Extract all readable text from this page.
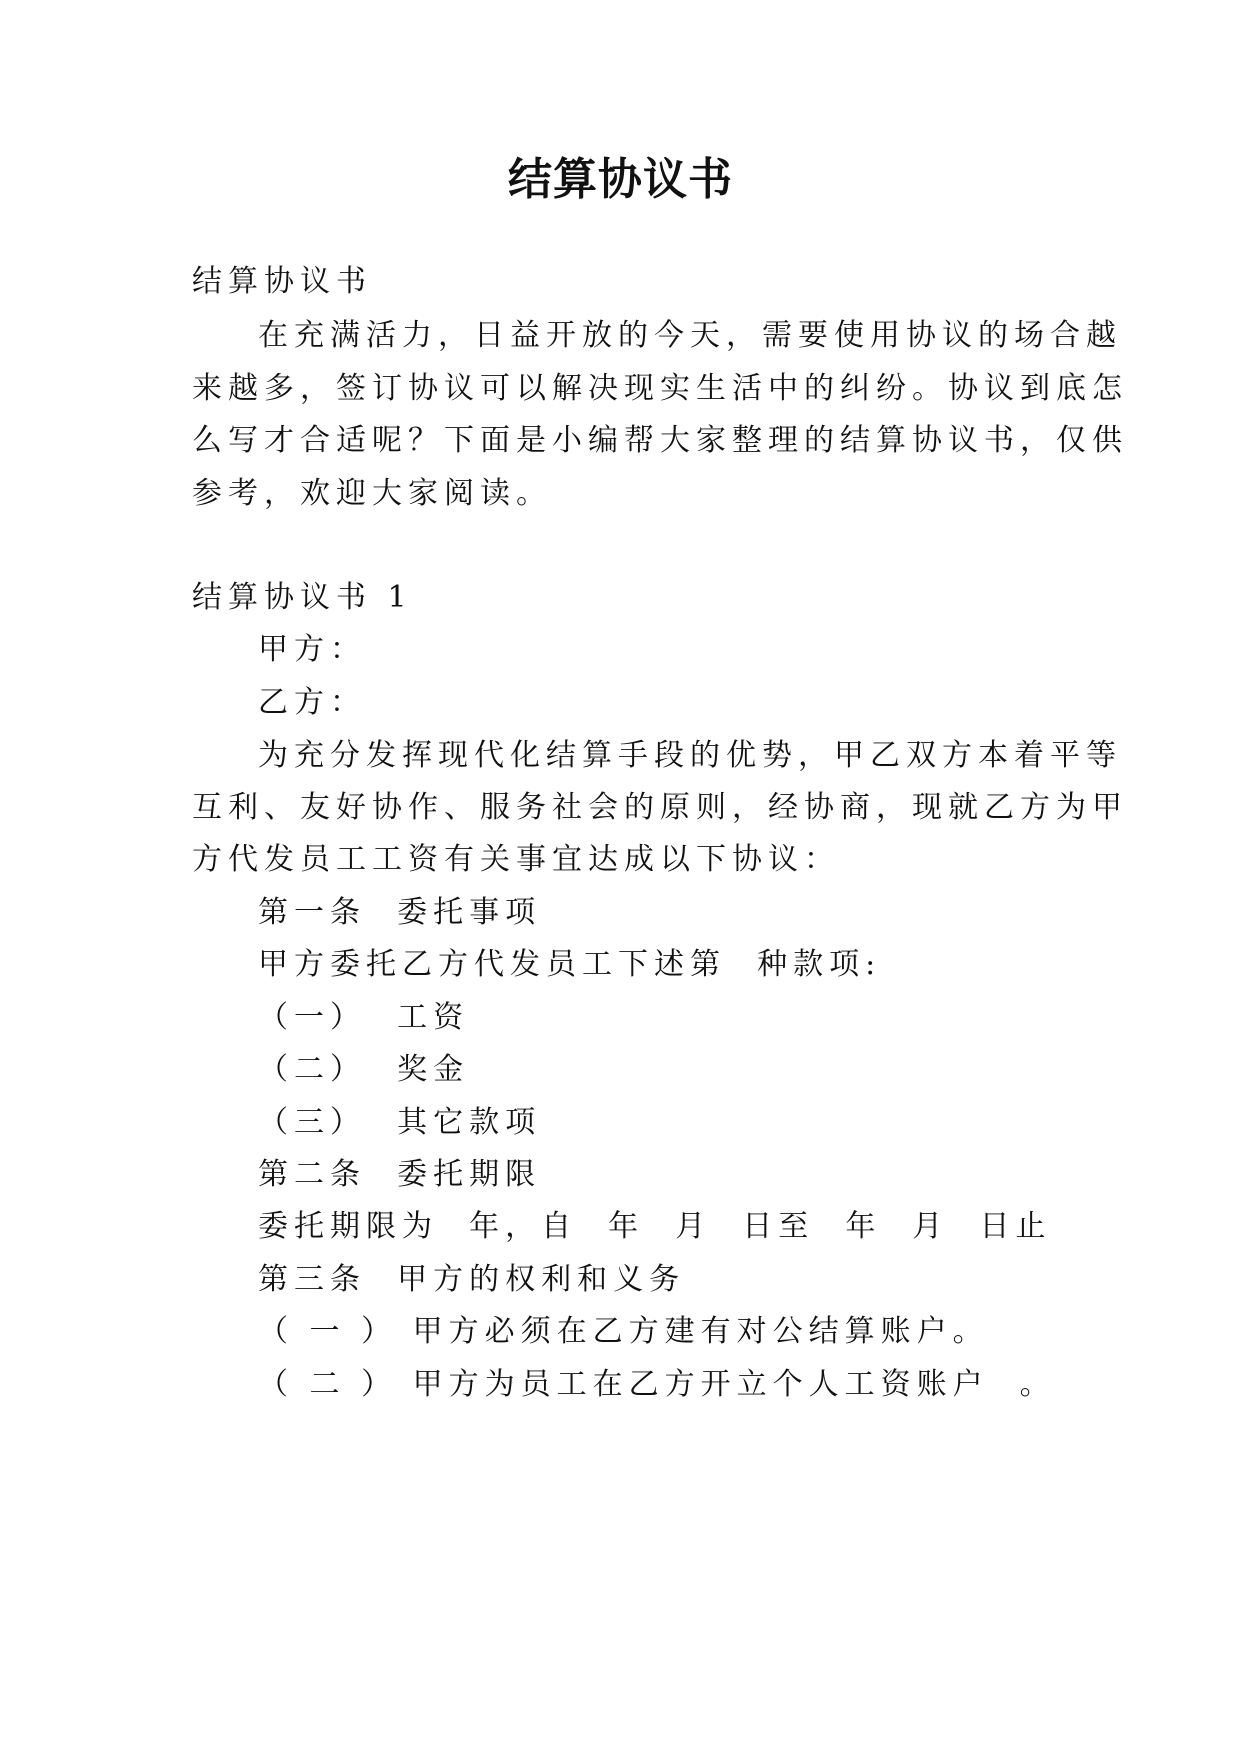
结算协议书
结算协议书
在充满活力，日益开放的今天，需要使用协议的场合越
来越多，签订协议可以解决现实生活中的纠纷。协议到底怎
么写才合适呢？下面是小编帮大家整理的结算协议书，仅供
参考，欢迎大家阅读。
结算协议书 1
甲方：
乙方：
为充分发挥现代化结算手段的优势，甲乙双方本着平等
互利、友好协作、服务社会的原则，经协商，现就乙方为甲
方代发员工工资有关事宜达成以下协议：
第一条  委托事项
甲方委托乙方代发员工下述第  种款项:
（一）  工资
（二）  奖金
（三）  其它款项
第二条  委托期限
委托期限为  年，自  年  月  日至  年  月  日止
第三条  甲方的权利和义务
（ 一 ） 甲方必须在乙方建有对公结算账户。
（ 二 ） 甲方为员工在乙方开立个人工资账户  。
